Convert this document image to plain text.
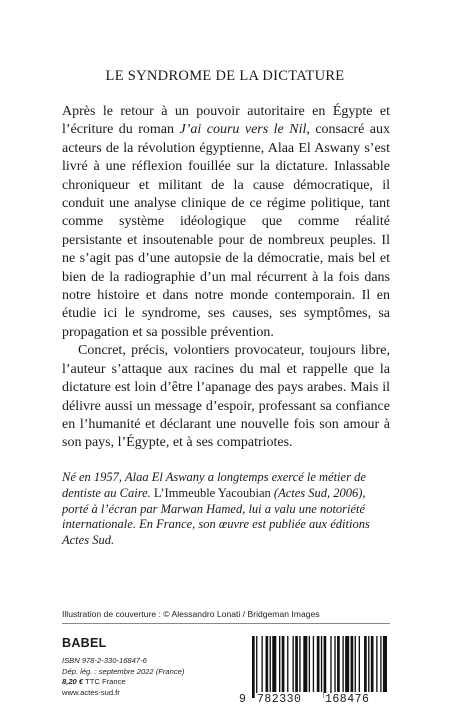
LE SYNDROME DE LA DICTATURE

Après le retour à un pouvoir autoritaire en Égypte et l’écriture du roman J’ai couru vers le Nil, consacré aux acteurs de la révolution égyptienne, Alaa El Aswany s’est livré à une réflexion fouillée sur la dictature. Inlassable chroniqueur et militant de la cause démocratique, il conduit une analyse clinique de ce régime politique, tant comme système idéologique que comme réalité persistante et insoutenable pour de nombreux peuples. Il ne s’agit pas d’une autopsie de la démocratie, mais bel et bien de la radiographie d’un mal récurrent à la fois dans notre histoire et dans notre monde contemporain. Il en étudie ici le syndrome, ses causes, ses symptômes, sa propagation et sa possible prévention.

Concret, précis, volontiers provocateur, toujours libre, l’auteur s’attaque aux racines du mal et rappelle que la dictature est loin d’être l’apanage des pays arabes. Mais il délivre aussi un message d’espoir, professant sa confiance en l’humanité et déclarant une nouvelle fois son amour à son pays, l’Égypte, et à ses compatriotes.

Né en 1957, Alaa El Aswany a longtemps exercé le métier de dentiste au Caire. L’Immeuble Yacoubian (Actes Sud, 2006), porté à l’écran par Marwan Hamed, lui a valu une notoriété internationale. En France, son œuvre est publiée aux éditions Actes Sud.

Illustration de couverture : © Alessandro Lonati / Bridgeman Images
BABEL
ISBN 978-2-330-16847-6
Dép. lég. : septembre 2022 (France)
8,20 € TTC France
www.actes-sud.fr
9 782330 168476
